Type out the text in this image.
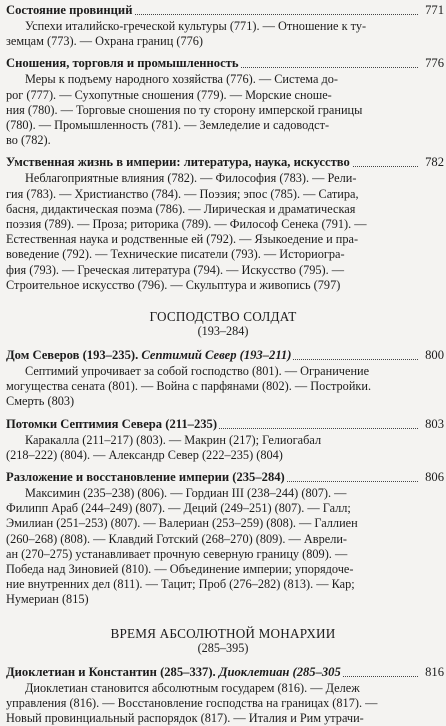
Состояние провинций	771

Успехи италийско-греческой культуры (771). — Отношение к ту-

земцам (773). — Охрана границ (776)

Сношения, торговля и промышленность	776

Меры к подъему народного хозяйства (776). — Система до-

рог (777). — Сухопутные сношения (779). — Морские сноше-

ния (780). — Торговые сношения по ту сторону имперской границы

(780). — Промышленность (781). — Земледелие и садоводст-

во (782).

Умственная жизнь в империи: литература, наука, искусство	782

Неблагоприятные влияния (782). — Философия (783). — Рели-

гия (783). — Христианство (784). — Поэзия; эпос (785). — Сатира,

басня, дидактическая поэма (786). — Лирическая и драматическая

поэзия (789). — Проза; риторика (789). — Философ Сенека (791). —

Естественная наука и родственные ей (792). — Языкоедение и пра-

воведение (792). — Технические писатели (793). — Историогра-

фия (793). — Греческая литература (794). — Искусство (795). —

Строительное искусство (796). — Скульптура и живопись (797)

ГОСПОДСТВО СОЛДАТ
(193–284)
Дом Северов (193–235). Септимий Север (193–211)	800

Септимий упрочивает за собой господство (801). — Ограничение

могущества сената (801). — Война с парфянами (802). — Постройки.

Смерть (803)

Потомки Септимия Севера (211–235)	803

Каракалла (211–217) (803). — Макрин (217); Гелиогабал

(218–222) (804). — Александр Север (222–235) (804)

Разложение и восстановление империи (235–284)	806

Максимин (235–238) (806). — Гордиан III (238–244) (807). —

Филипп Араб (244–249) (807). — Деций (249–251) (807). — Галл;

Эмилиан (251–253) (807). — Валериан (253–259) (808). — Галлиен

(260–268) (808). — Клавдий Готский (268–270) (809). — Аврели-

ан (270–275) устанавливает прочную северную границу (809). —

Победа над Зиновией (810). — Объединение империи; упорядоче-

ние внутренних дел (811). — Тацит; Проб (276–282) (813). — Кар;

Нумериан (815)

ВРЕМЯ АБСОЛЮТНОЙ МОНАРХИИ
(285–395)
Диоклетиан и Константин (285–337). Диоклетиан (285–305	816

Диоклетиан становится абсолютным государем (816). — Дележ

управления (816). — Восстановление господства на границах (817). —

Новый провинциальный распорядок (817). — Италия и Рим утрачи-
